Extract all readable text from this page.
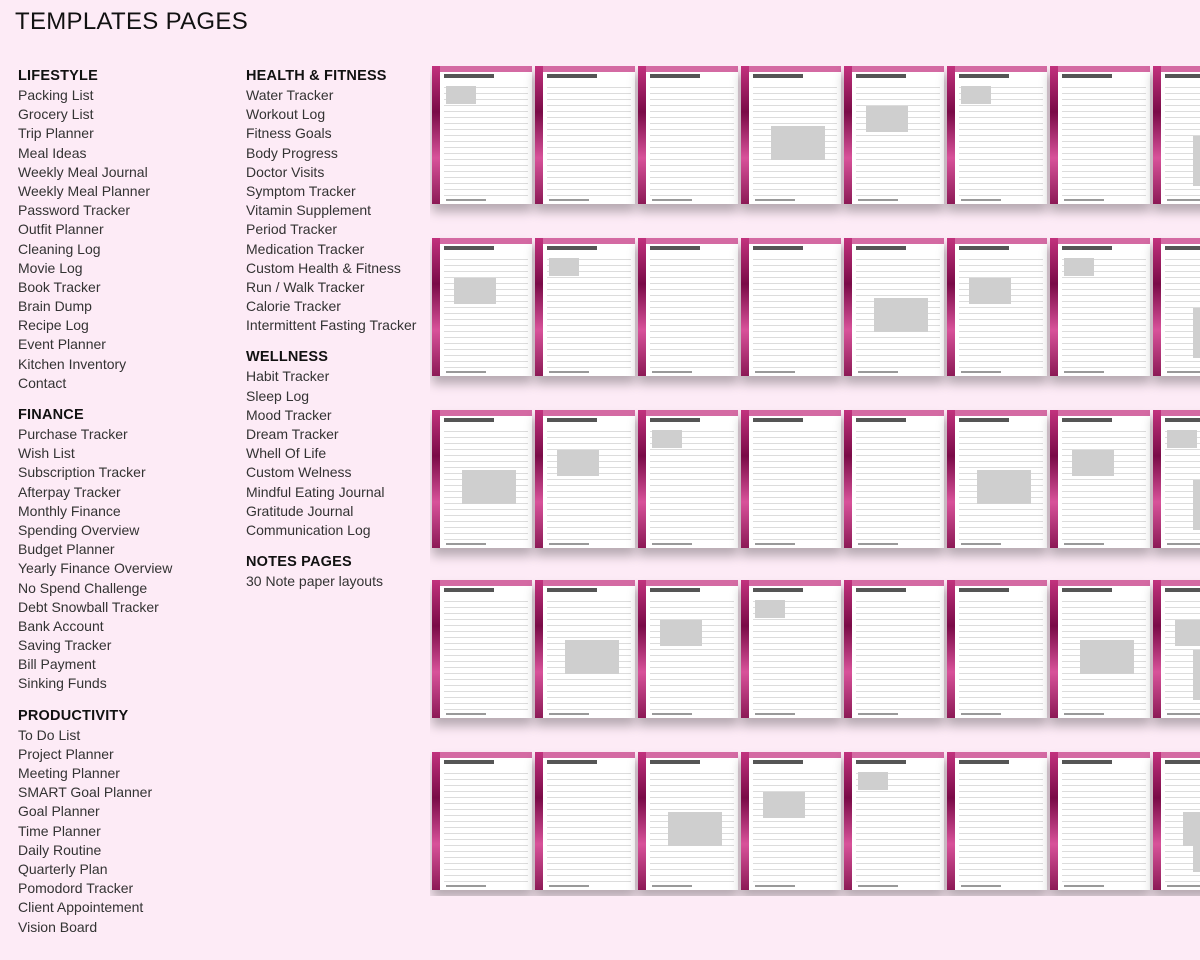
TEMPLATES PAGES
LIFESTYLE
Packing List
Grocery List
Trip Planner
Meal Ideas
Weekly Meal Journal
Weekly Meal Planner
Password Tracker
Outfit Planner
Cleaning Log
Movie Log
Book Tracker
Brain Dump
Recipe Log
Event Planner
Kitchen Inventory
Contact
FINANCE
Purchase Tracker
Wish List
Subscription Tracker
Afterpay Tracker
Monthly Finance
Spending Overview
Budget Planner
Yearly Finance Overview
No Spend Challenge
Debt Snowball Tracker
Bank Account
Saving Tracker
Bill Payment
Sinking Funds
PRODUCTIVITY
To Do List
Project Planner
Meeting Planner
SMART Goal Planner
Goal Planner
Time Planner
Daily Routine
Quarterly Plan
Pomodord Tracker
Client Appointement
Vision Board
HEALTH & FITNESS
Water Tracker
Workout Log
Fitness Goals
Body Progress
Doctor Visits
Symptom Tracker
Vitamin Supplement
Period Tracker
Medication Tracker
Custom Health & Fitness
Run / Walk Tracker
Calorie Tracker
Intermittent Fasting Tracker
WELLNESS
Habit Tracker
Sleep Log
Mood Tracker
Dream Tracker
Whell Of Life
Custom Welness
Mindful Eating Journal
Gratitude Journal
Communication Log
NOTES PAGES
30 Note paper layouts
